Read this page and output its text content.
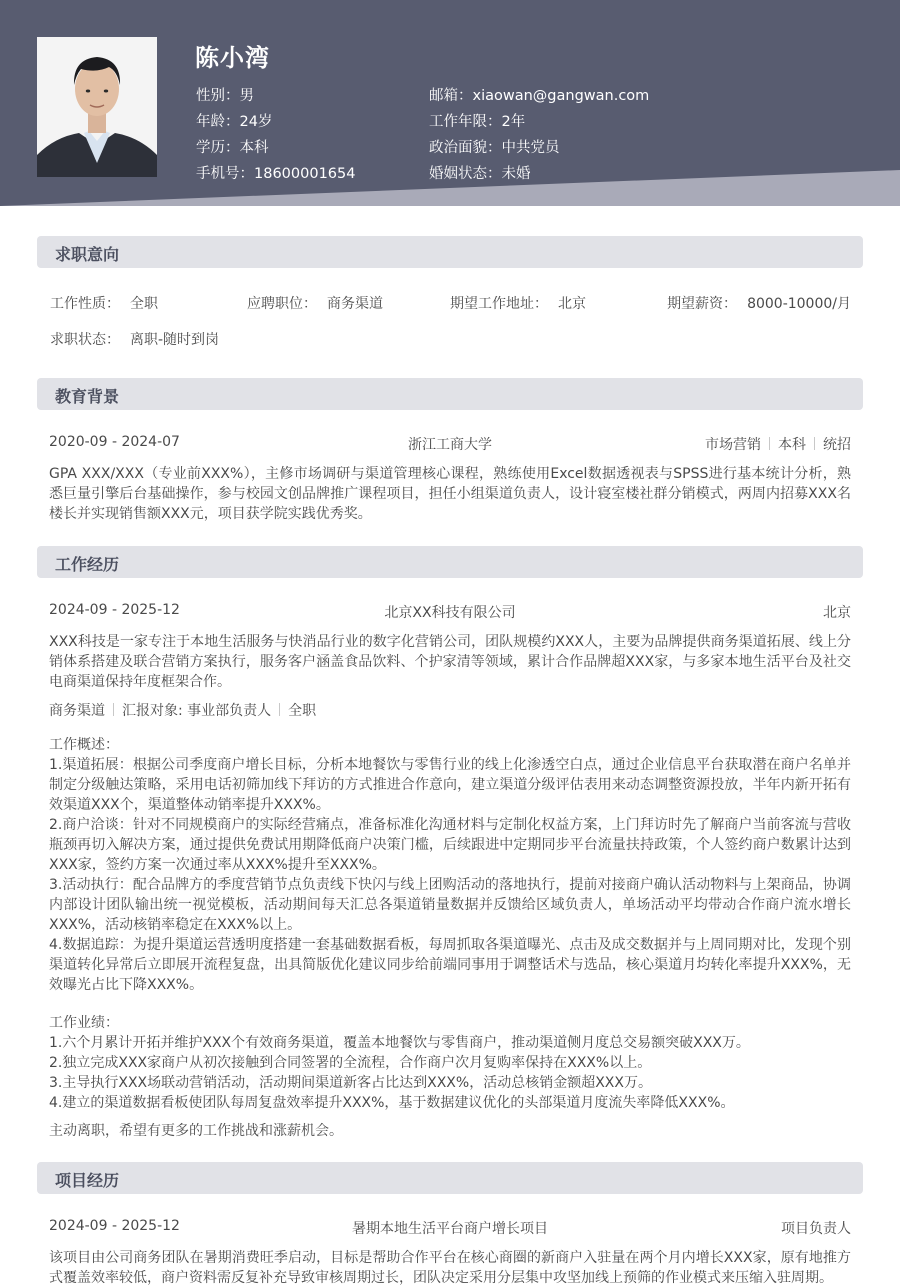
陈小湾
性别：男
年龄：24岁
学历：本科
手机号：18600001654
邮箱：xiaowan@gangwan.com
工作年限：2年
政治面貌：中共党员
婚姻状态：未婚
求职意向
工作性质： 全职	应聘职位： 商务渠道	期望工作地址： 北京	期望薪资： 8000-10000/月
求职状态： 离职-随时到岗
教育背景
2020-09 - 2024-07	浙江工商大学	市场营销 本科 统招
GPA XXX/XXX（专业前XXX%），主修市场调研与渠道管理核心课程，熟练使用Excel数据透视表与SPSS进行基本统计分析，熟悉巨量引擎后台基础操作，参与校园文创品牌推广课程项目，担任小组渠道负责人，设计寝室楼社群分销模式，两周内招募XXX名楼长并实现销售额XXX元，项目获学院实践优秀奖。
工作经历
2024-09 - 2025-12	北京XX科技有限公司	北京
XXX科技是一家专注于本地生活服务与快消品行业的数字化营销公司，团队规模约XXX人，主要为品牌提供商务渠道拓展、线上分销体系搭建及联合营销方案执行，服务客户涵盖食品饮料、个护家清等领域，累计合作品牌超XXX家，与多家本地生活平台及社交电商渠道保持年度框架合作。
商务渠道 汇报对象: 事业部负责人 全职
工作概述：
1.渠道拓展：根据公司季度商户增长目标，分析本地餐饮与零售行业的线上化渗透空白点，通过企业信息平台获取潜在商户名单并制定分级触达策略，采用电话初筛加线下拜访的方式推进合作意向，建立渠道分级评估表用来动态调整资源投放，半年内新开拓有效渠道XXX个，渠道整体动销率提升XXX%。
2.商户洽谈：针对不同规模商户的实际经营痛点，准备标准化沟通材料与定制化权益方案，上门拜访时先了解商户当前客流与营收瓶颈再切入解决方案，通过提供免费试用期降低商户决策门槛，后续跟进中定期同步平台流量扶持政策，个人签约商户数累计达到XXX家，签约方案一次通过率从XXX%提升至XXX%。
3.活动执行：配合品牌方的季度营销节点负责线下快闪与线上团购活动的落地执行，提前对接商户确认活动物料与上架商品，协调内部设计团队输出统一视觉模板，活动期间每天汇总各渠道销量数据并反馈给区域负责人，单场活动平均带动合作商户流水增长XXX%，活动核销率稳定在XXX%以上。
4.数据追踪：为提升渠道运营透明度搭建一套基础数据看板，每周抓取各渠道曝光、点击及成交数据并与上周同期对比，发现个别渠道转化异常后立即展开流程复盘，出具简版优化建议同步给前端同事用于调整话术与选品，核心渠道月均转化率提升XXX%，无效曝光占比下降XXX%。
工作业绩：
1.六个月累计开拓并维护XXX个有效商务渠道，覆盖本地餐饮与零售商户，推动渠道侧月度总交易额突破XXX万。
2.独立完成XXX家商户从初次接触到合同签署的全流程，合作商户次月复购率保持在XXX%以上。
3.主导执行XXX场联动营销活动，活动期间渠道新客占比达到XXX%，活动总核销金额超XXX万。
4.建立的渠道数据看板使团队每周复盘效率提升XXX%，基于数据建议优化的头部渠道月度流失率降低XXX%。
主动离职，希望有更多的工作挑战和涨薪机会。
项目经历
2024-09 - 2025-12	暑期本地生活平台商户增长项目	项目负责人
该项目由公司商务团队在暑期消费旺季启动，目标是帮助合作平台在核心商圈的新商户入驻量在两个月内增长XXX家，原有地推方式覆盖效率较低，商户资料需反复补充导致审核周期过长，团队决定采用分层集中攻坚加线上预筛的作业模式来压缩入驻周期。
